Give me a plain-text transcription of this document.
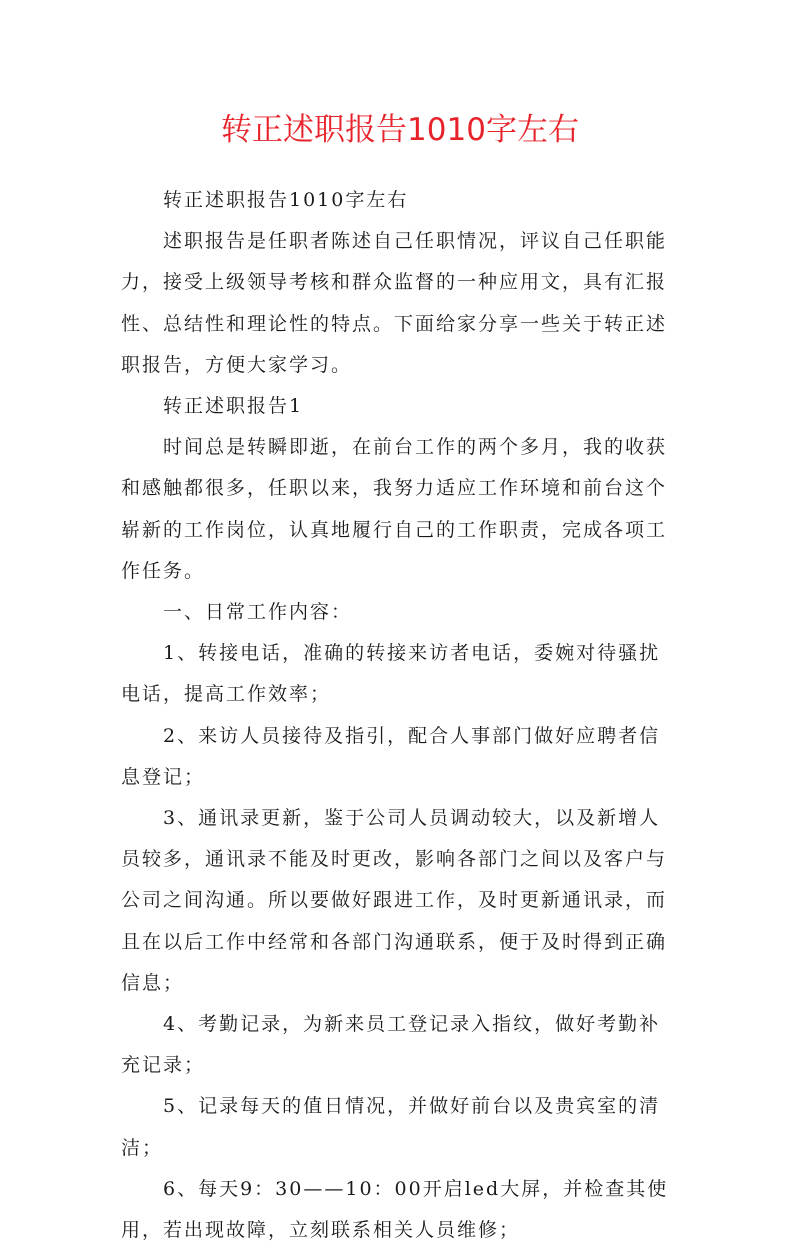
转正述职报告1010字左右

转正述职报告1010字左右

述职报告是任职者陈述自己任职情况，评议自己任职能力，接受上级领导考核和群众监督的一种应用文，具有汇报性、总结性和理论性的特点。下面给家分享一些关于转正述职报告，方便大家学习。

转正述职报告1

时间总是转瞬即逝，在前台工作的两个多月，我的收获和感触都很多，任职以来，我努力适应工作环境和前台这个崭新的工作岗位，认真地履行自己的工作职责，完成各项工作任务。

一、日常工作内容：

1、转接电话，准确的转接来访者电话，委婉对待骚扰电话，提高工作效率；

2、来访人员接待及指引，配合人事部门做好应聘者信息登记；

3、通讯录更新，鉴于公司人员调动较大，以及新增人员较多，通讯录不能及时更改，影响各部门之间以及客户与公司之间沟通。所以要做好跟进工作，及时更新通讯录，而且在以后工作中经常和各部门沟通联系，便于及时得到正确信息；

4、考勤记录，为新来员工登记录入指纹，做好考勤补充记录；

5、记录每天的值日情况，并做好前台以及贵宾室的清洁；

6、每天9：30——10：00开启led大屏，并检查其使用，若出现故障，立刻联系相关人员维修；
